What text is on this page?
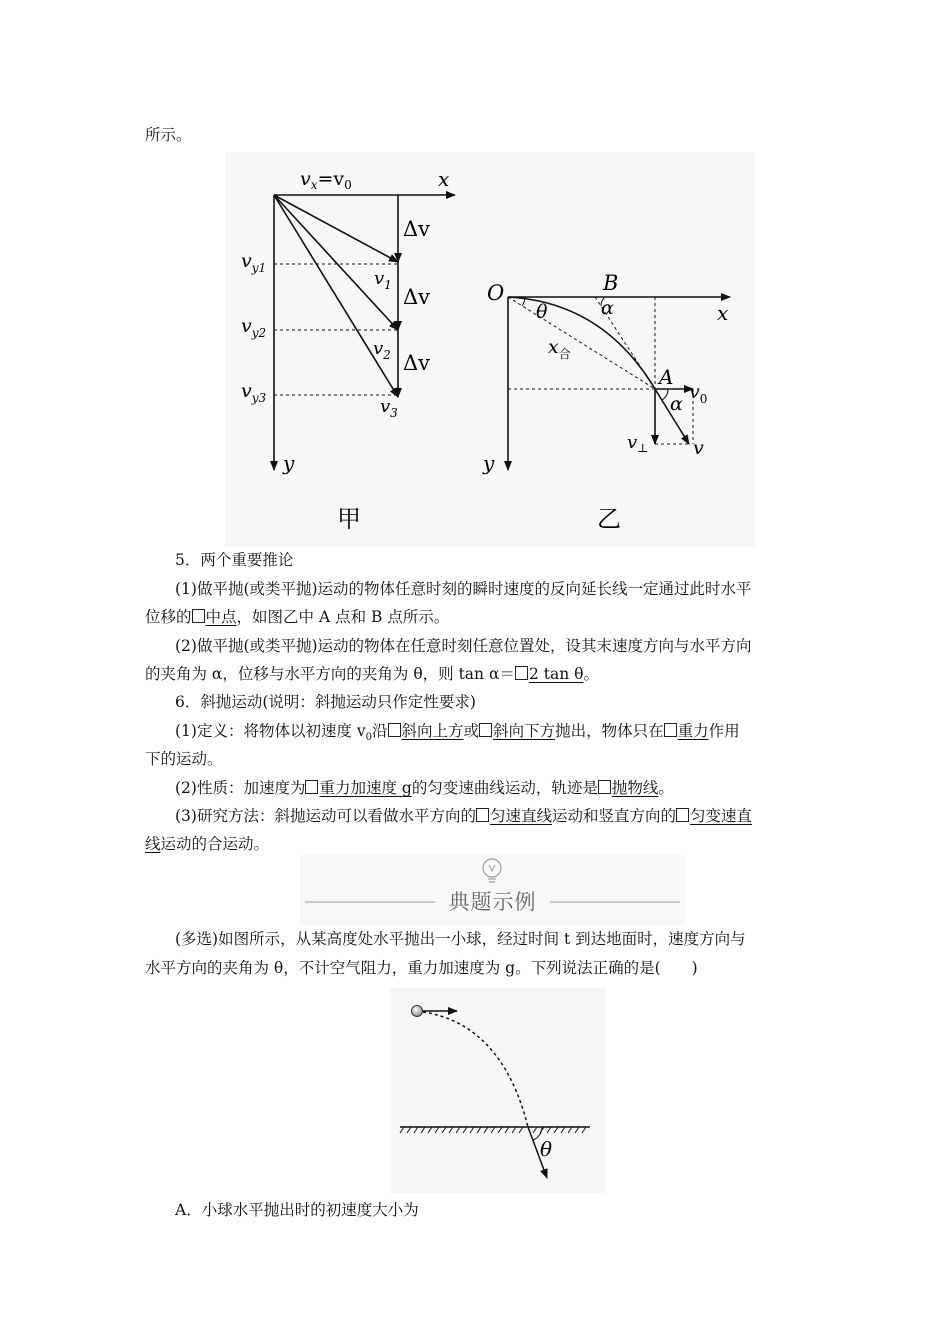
所示。
$v_x=v_0$	x
y
Δv
Δv
Δv
$v_{y1}$
$v_{y2}$
$v_{y3}$
$v_1$
$v_2$
$v_3$
甲
O	B
α
θ	x
y
$x_合$
A
$v_0$
α
$v_\perp$ v
乙
5．两个重要推论
(1)做平抛(或类平抛)运动的物体任意时刻的瞬时速度的反向延长线一定通过此时水平
位移的 中点，如图乙中 A 点和 B 点所示。
(2)做平抛(或类平抛)运动的物体在任意时刻任意位置处，设其末速度方向与水平方向
的夹角为 α，位移与水平方向的夹角为 θ，则 tan α＝ 2 tan θ。
6．斜抛运动(说明：斜抛运动只作定性要求)
(1)定义：将物体以初速度 $v_0$沿 斜向上方或 斜向下方抛出，物体只在 重力作用
下的运动。
(2)性质：加速度为 重力加速度 g的匀变速曲线运动，轨迹是 抛物线。
(3)研究方法：斜抛运动可以看做水平方向的 匀速直线运动和竖直方向的 匀变速直
线运动的合运动。
典题示例
(多选)如图所示，从某高度处水平抛出一小球，经过时间 t 到达地面时，速度方向与
水平方向的夹角为 θ，不计空气阻力，重力加速度为 g。下列说法正确的是(　　)
θ
A．小球水平抛出时的初速度大小为
